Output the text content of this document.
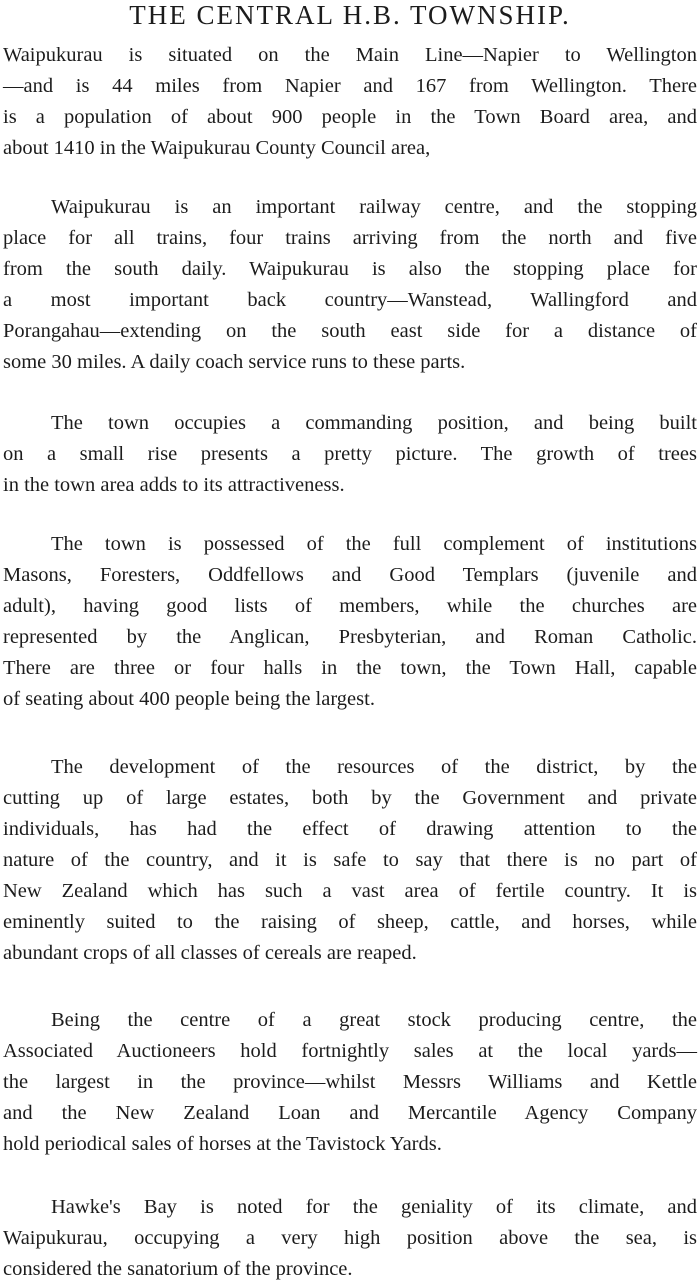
THE CENTRAL H.B. TOWNSHIP.
Waipukurau is situated on the Main Line—Napier to Wellington
—and is 44 miles from Napier and 167 from Wellington. There
is a population of about 900 people in the Town Board area, and
about 1410 in the Waipukurau County Council area,
Waipukurau is an important railway centre, and the stopping
place for all trains, four trains arriving from the north and five
from the south daily. Waipukurau is also the stopping place for
a most important back country—Wanstead, Wallingford and
Porangahau—extending on the south east side for a distance of
some 30 miles. A daily coach service runs to these parts.
The town occupies a commanding position, and being built
on a small rise presents a pretty picture. The growth of trees
in the town area adds to its attractiveness.
The town is possessed of the full complement of institutions
Masons, Foresters, Oddfellows and Good Templars (juvenile and
adult), having good lists of members, while the churches are
represented by the Anglican, Presbyterian, and Roman Catholic.
There are three or four halls in the town, the Town Hall, capable
of seating about 400 people being the largest.
The development of the resources of the district, by the
cutting up of large estates, both by the Government and private
individuals, has had the effect of drawing attention to the
nature of the country, and it is safe to say that there is no part of
New Zealand which has such a vast area of fertile country. It is
eminently suited to the raising of sheep, cattle, and horses, while
abundant crops of all classes of cereals are reaped.
Being the centre of a great stock producing centre, the
Associated Auctioneers hold fortnightly sales at the local yards—
the largest in the province—whilst Messrs Williams and Kettle
and the New Zealand Loan and Mercantile Agency Company
hold periodical sales of horses at the Tavistock Yards.
Hawke's Bay is noted for the geniality of its climate, and
Waipukurau, occupying a very high position above the sea, is
considered the sanatorium of the province.
